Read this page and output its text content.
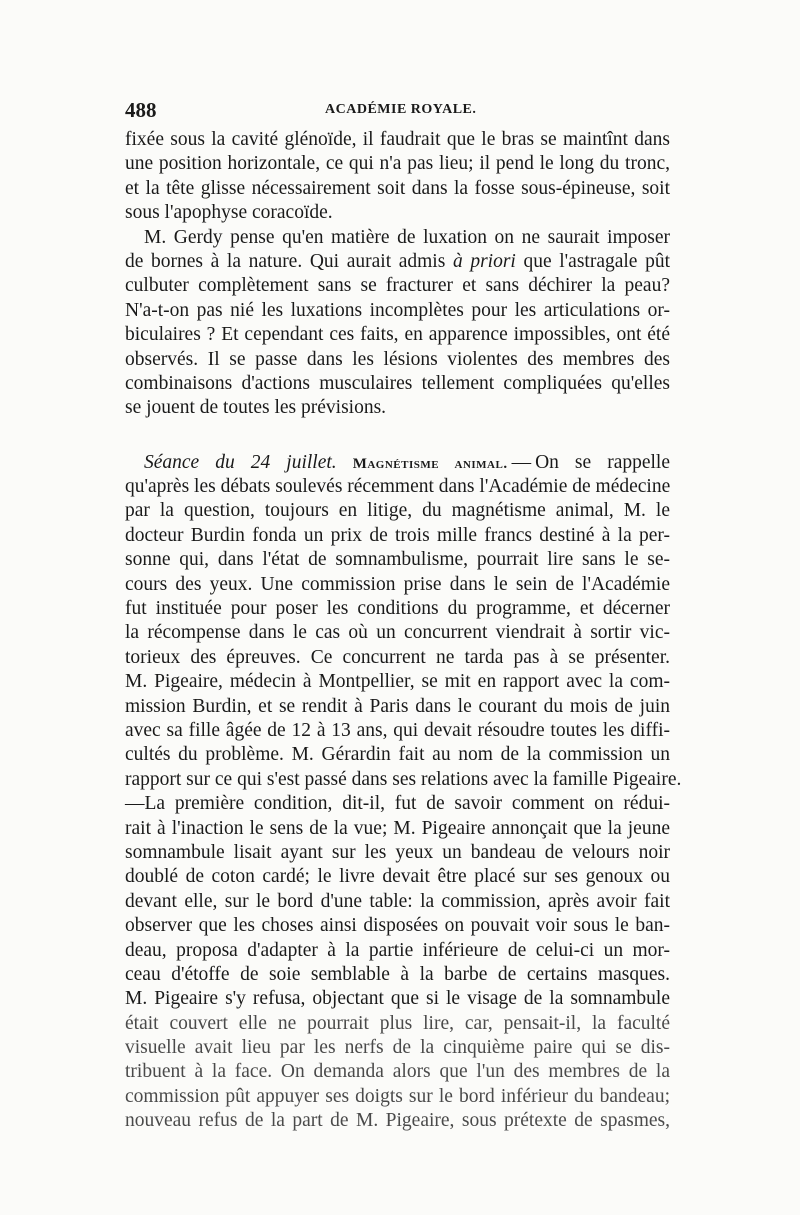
488	ACADÉMIE ROYALE.
fixée sous la cavité glénoïde, il faudrait que le bras se maintînt dans
une position horizontale, ce qui n'a pas lieu; il pend le long du tronc,
et la tête glisse nécessairement soit dans la fosse sous-épineuse, soit
sous l'apophyse coracoïde.
M. Gerdy pense qu'en matière de luxation on ne saurait imposer
de bornes à la nature. Qui aurait admis à priori que l'astragale pût
culbuter complètement sans se fracturer et sans déchirer la peau?
N'a-t-on pas nié les luxations incomplètes pour les articulations or-
biculaires ? Et cependant ces faits, en apparence impossibles, ont été
observés. Il se passe dans les lésions violentes des membres des
combinaisons d'actions musculaires tellement compliquées qu'elles
se jouent de toutes les prévisions.
Séance du 24 juillet. Magnétisme animal. — On se rappelle
qu'après les débats soulevés récemment dans l'Académie de médecine
par la question, toujours en litige, du magnétisme animal, M. le
docteur Burdin fonda un prix de trois mille francs destiné à la per-
sonne qui, dans l'état de somnambulisme, pourrait lire sans le se-
cours des yeux. Une commission prise dans le sein de l'Académie
fut instituée pour poser les conditions du programme, et décerner
la récompense dans le cas où un concurrent viendrait à sortir vic-
torieux des épreuves. Ce concurrent ne tarda pas à se présenter.
M. Pigeaire, médecin à Montpellier, se mit en rapport avec la com-
mission Burdin, et se rendit à Paris dans le courant du mois de juin
avec sa fille âgée de 12 à 13 ans, qui devait résoudre toutes les diffi-
cultés du problème. M. Gérardin fait au nom de la commission un
rapport sur ce qui s'est passé dans ses relations avec la famille Pigeaire.
—La première condition, dit-il, fut de savoir comment on rédui-
rait à l'inaction le sens de la vue; M. Pigeaire annonçait que la jeune
somnambule lisait ayant sur les yeux un bandeau de velours noir
doublé de coton cardé; le livre devait être placé sur ses genoux ou
devant elle, sur le bord d'une table: la commission, après avoir fait
observer que les choses ainsi disposées on pouvait voir sous le ban-
deau, proposa d'adapter à la partie inférieure de celui-ci un mor-
ceau d'étoffe de soie semblable à la barbe de certains masques.
M. Pigeaire s'y refusa, objectant que si le visage de la somnambule
était couvert elle ne pourrait plus lire, car, pensait-il, la faculté
visuelle avait lieu par les nerfs de la cinquième paire qui se dis-
tribuent à la face. On demanda alors que l'un des membres de la
commission pût appuyer ses doigts sur le bord inférieur du bandeau;
nouveau refus de la part de M. Pigeaire, sous prétexte de spasmes,
